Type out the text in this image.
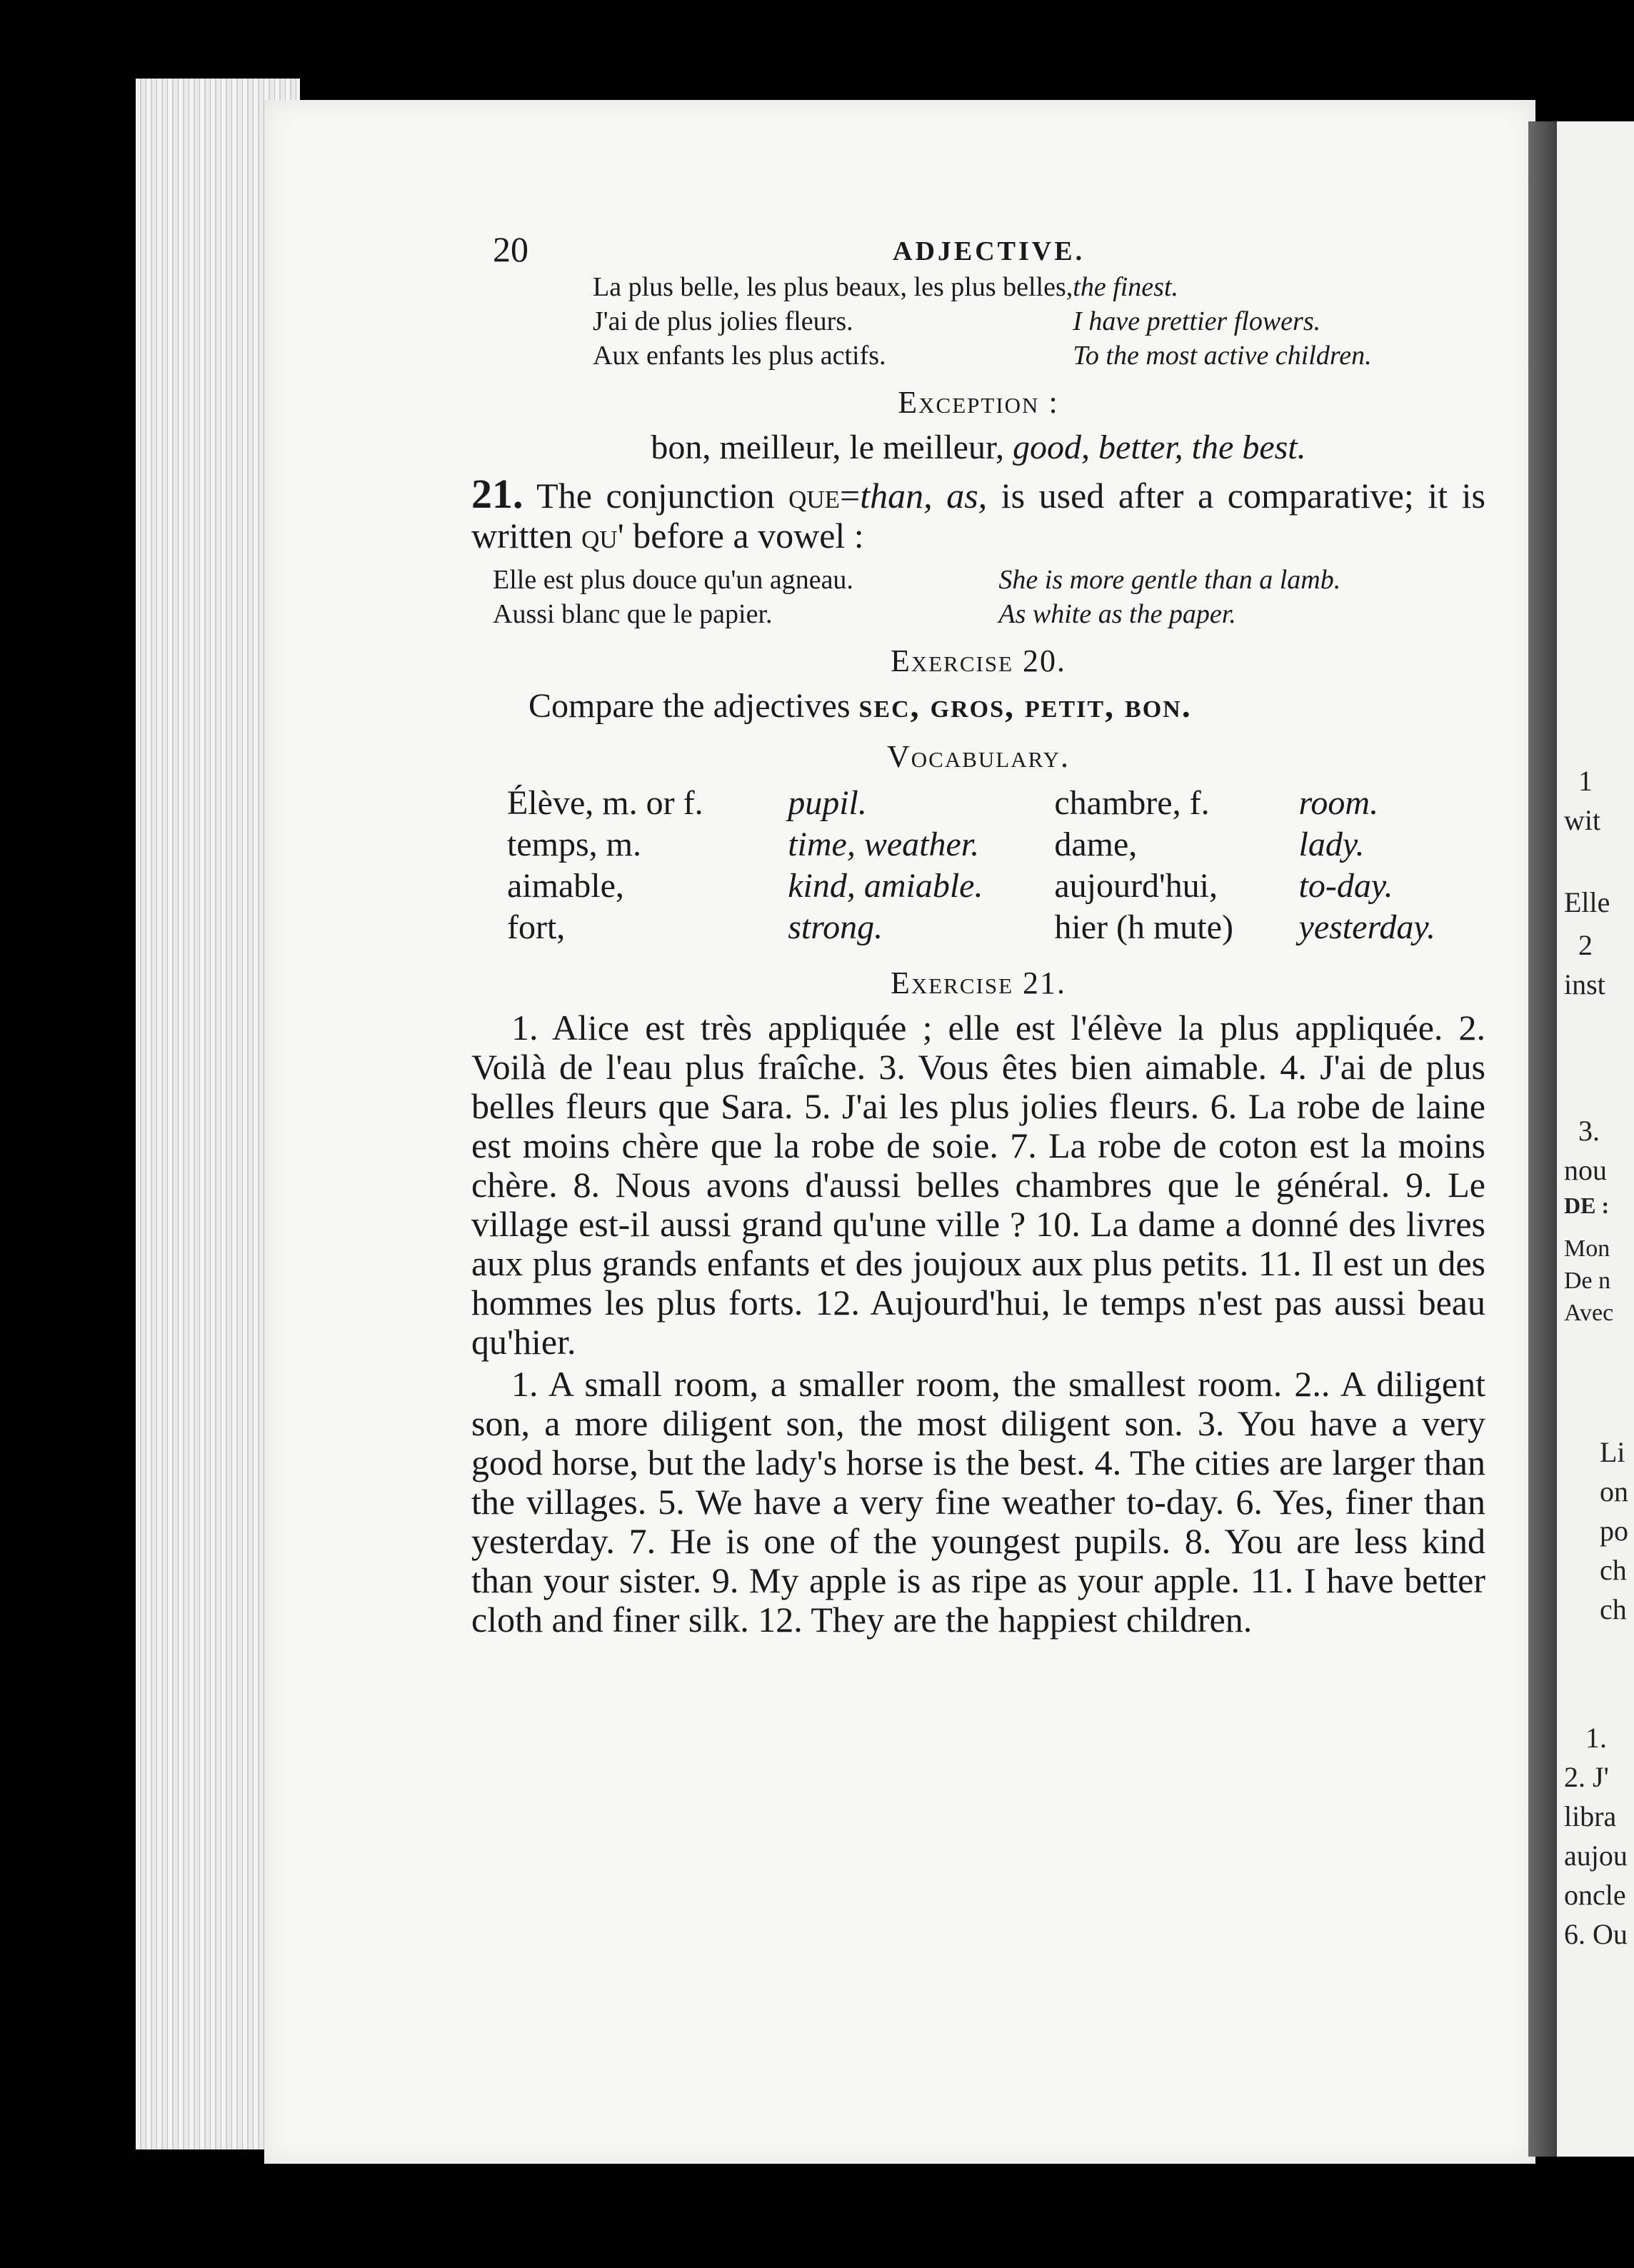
1
wit
Elle
2
inst
3.
nou
DE :
Mon
De n
Avec
Li
on
po
ch
ch
1.
2. J'
libra
aujou
oncle
6. Ou
20	ADJECTIVE.
La plus belle, les plus beaux, les plus belles,	the finest.
J'ai de plus jolies fleurs.	I have prettier flowers.
Aux enfants les plus actifs.	To the most active children.
Exception :
bon, meilleur, le meilleur, good, better, the best.

21. The conjunction que=than, as, is used after a comparative; it is written qu' before a vowel :

Elle est plus douce qu'un agneau.	She is more gentle than a lamb.
Aussi blanc que le papier.	As white as the paper.
Exercise 20.
Compare the adjectives sec, gros, petit, bon.
Vocabulary.
Élève, m. or f.	pupil.	chambre, f.	room.
temps, m.	time, weather.	dame,	lady.
aimable,	kind, amiable.	aujourd'hui,	to-day.
fort,	strong.	hier (h mute)	yesterday.
Exercise 21.

1. Alice est très appliquée ; elle est l'élève la plus appliquée. 2. Voilà de l'eau plus fraîche. 3. Vous êtes bien aimable. 4. J'ai de plus belles fleurs que Sara. 5. J'ai les plus jolies fleurs. 6. La robe de laine est moins chère que la robe de soie. 7. La robe de coton est la moins chère. 8. Nous avons d'aussi belles chambres que le général. 9. Le village est-il aussi grand qu'une ville ? 10. La dame a donné des livres aux plus grands enfants et des joujoux aux plus petits. 11. Il est un des hommes les plus forts. 12. Aujourd'hui, le temps n'est pas aussi beau qu'hier.

1. A small room, a smaller room, the smallest room. 2.. A diligent son, a more diligent son, the most diligent son. 3. You have a very good horse, but the lady's horse is the best. 4. The cities are larger than the villages. 5. We have a very fine weather to-day. 6. Yes, finer than yesterday. 7. He is one of the youngest pupils. 8. You are less kind than your sister. 9. My apple is as ripe as your apple. 11. I have better cloth and finer silk. 12. They are the happiest children.
